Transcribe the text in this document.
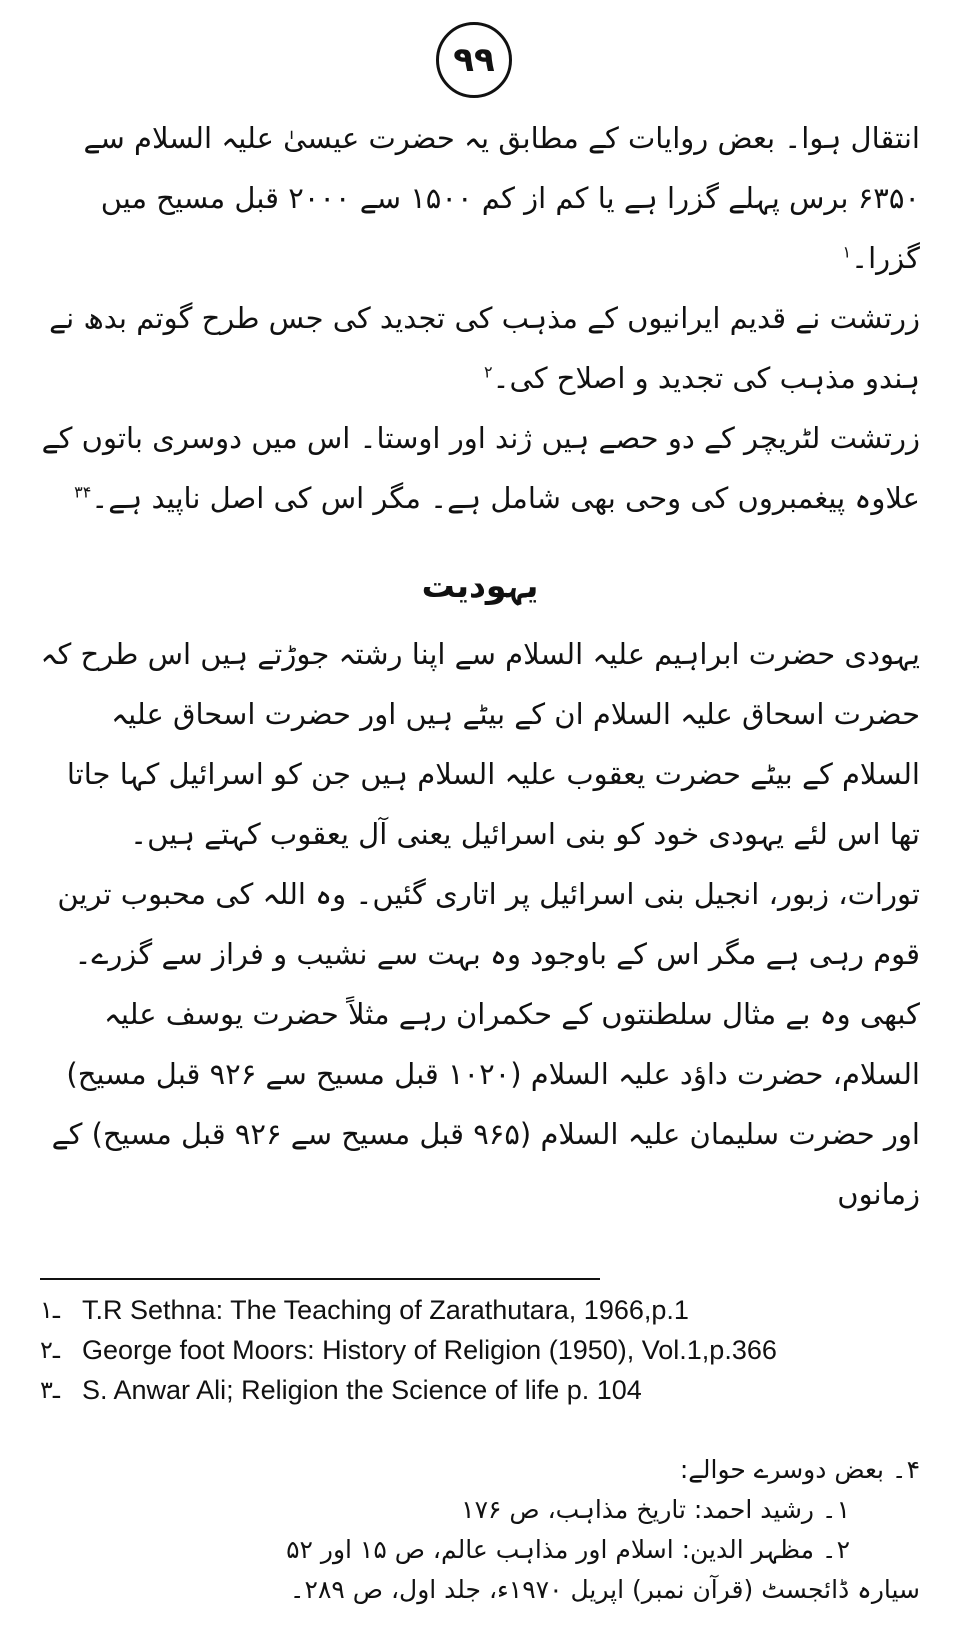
۹۹

انتقال ہوا۔ بعض روایات کے مطابق یہ حضرت عیسیٰ علیہ السلام سے ۶۳۵۰ برس پہلے گزرا ہے یا کم از کم ۱۵۰۰ سے ۲۰۰۰ قبل مسیح میں گزرا۔$^۱$

زرتشت نے قدیم ایرانیوں کے مذہب کی تجدید کی جس طرح گوتم بدھ نے ہندو مذہب کی تجدید و اصلاح کی۔$^۲$

زرتشت لٹریچر کے دو حصے ہیں ژند اور اوستا۔ اس میں دوسری باتوں کے علاوہ پیغمبروں کی وحی بھی شامل ہے۔ مگر اس کی اصل ناپید ہے۔$^{۳۴}$

یہودیت

یہودی حضرت ابراہیم علیہ السلام سے اپنا رشتہ جوڑتے ہیں اس طرح کہ حضرت اسحاق علیہ السلام ان کے بیٹے ہیں اور حضرت اسحاق علیہ السلام کے بیٹے حضرت یعقوب علیہ السلام ہیں جن کو اسرائیل کہا جاتا تھا اس لئے یہودی خود کو بنی اسرائیل یعنی آل یعقوب کہتے ہیں۔ تورات، زبور، انجیل بنی اسرائیل پر اتاری گئیں۔ وہ اللہ کی محبوب ترین قوم رہی ہے مگر اس کے باوجود وہ بہت سے نشیب و فراز سے گزرے۔ کبھی وہ بے مثال سلطنتوں کے حکمران رہے مثلاً حضرت یوسف علیہ السلام، حضرت داؤد علیہ السلام (۱۰۲۰ قبل مسیح سے ۹۲۶ قبل مسیح) اور حضرت سلیمان علیہ السلام (۹۶۵ قبل مسیح سے ۹۲۶ قبل مسیح) کے زمانوں

۱ـ T.R Sethna: The Teaching of Zarathutara, 1966,p.1

۲ـ George foot Moors: History of Religion (1950), Vol.1,p.366

۳ـ S. Anwar Ali; Religion the Science of life p. 104

۴۔ بعض دوسرے حوالے:

۱۔ رشید احمد: تاریخ مذاہب، ص ۱۷۶

۲۔ مظہر الدین: اسلام اور مذاہب عالم، ص ۱۵ اور ۵۲

سیارہ ڈائجسٹ (قرآن نمبر) اپریل ۱۹۷۰ء، جلد اول، ص ۲۸۹۔
